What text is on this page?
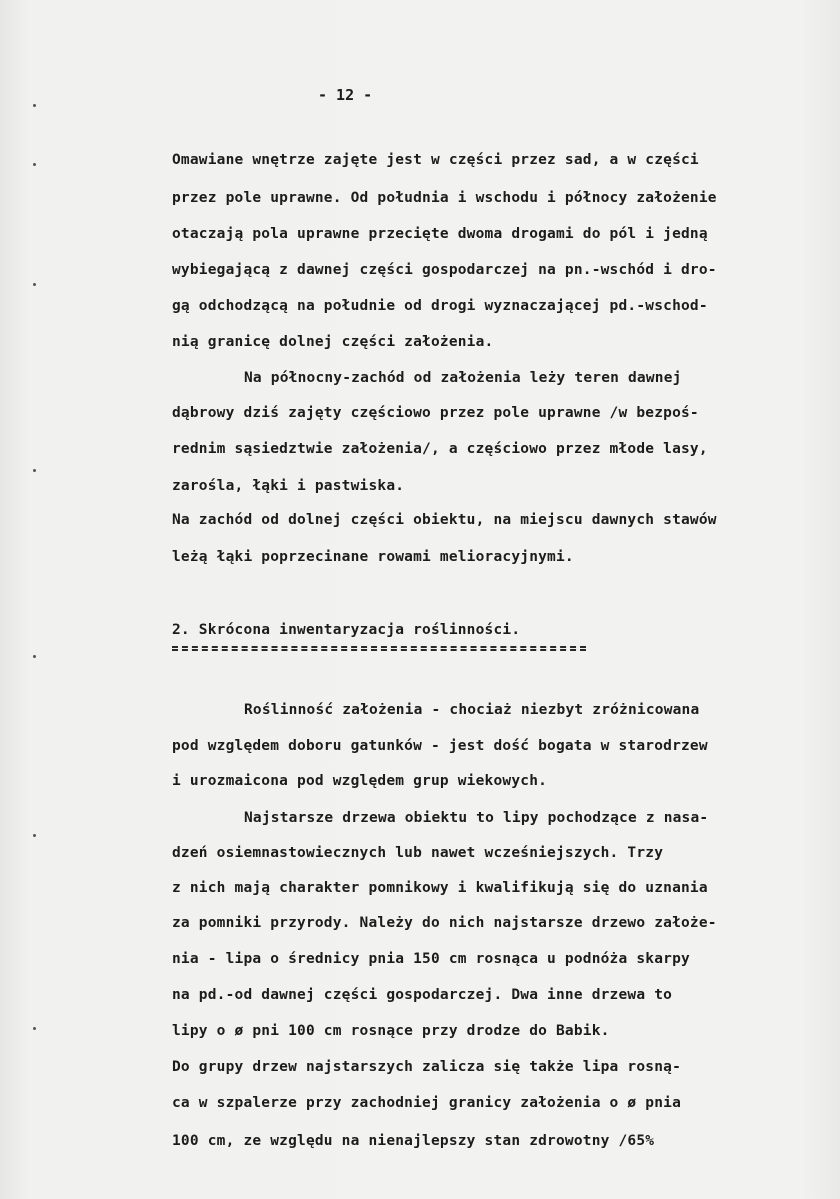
- 12 -
Omawiane wnętrze zajęte jest w części przez sad, a w części
przez pole uprawne. Od południa i wschodu i północy założenie
otaczają pola uprawne przecięte dwoma drogami do pól i jedną
wybiegającą z dawnej części gospodarczej na pn.-wschód i dro-
gą odchodzącą na południe od drogi wyznaczającej pd.-wschod-
nią granicę dolnej części założenia.
Na północny-zachód od założenia leży teren dawnej
dąbrowy dziś zajęty częściowo przez pole uprawne /w bezpoś-
rednim sąsiedztwie założenia/, a częściowo przez młode lasy,
zarośla, łąki i pastwiska.
Na zachód od dolnej części obiektu, na miejscu dawnych stawów
leżą łąki poprzecinane rowami melioracyjnymi.
2. Skrócona inwentaryzacja roślinności.
Roślinność założenia - chociaż niezbyt zróżnicowana
pod względem doboru gatunków - jest dość bogata w starodrzew
i urozmaicona pod względem grup wiekowych.
Najstarsze drzewa obiektu to lipy pochodzące z nasa-
dzeń osiemnastowiecznych lub nawet wcześniejszych. Trzy
z nich mają charakter pomnikowy i kwalifikują się do uznania
za pomniki przyrody. Należy do nich najstarsze drzewo założe-
nia - lipa o średnicy pnia 150 cm rosnąca u podnóża skarpy
na pd.-od dawnej części gospodarczej. Dwa inne drzewa to
lipy o ø pni 100 cm rosnące przy drodze do Babik.
Do grupy drzew najstarszych zalicza się także lipa rosną-
ca w szpalerze przy zachodniej granicy założenia o ø pnia
100 cm, ze względu na nienajlepszy stan zdrowotny /65%
